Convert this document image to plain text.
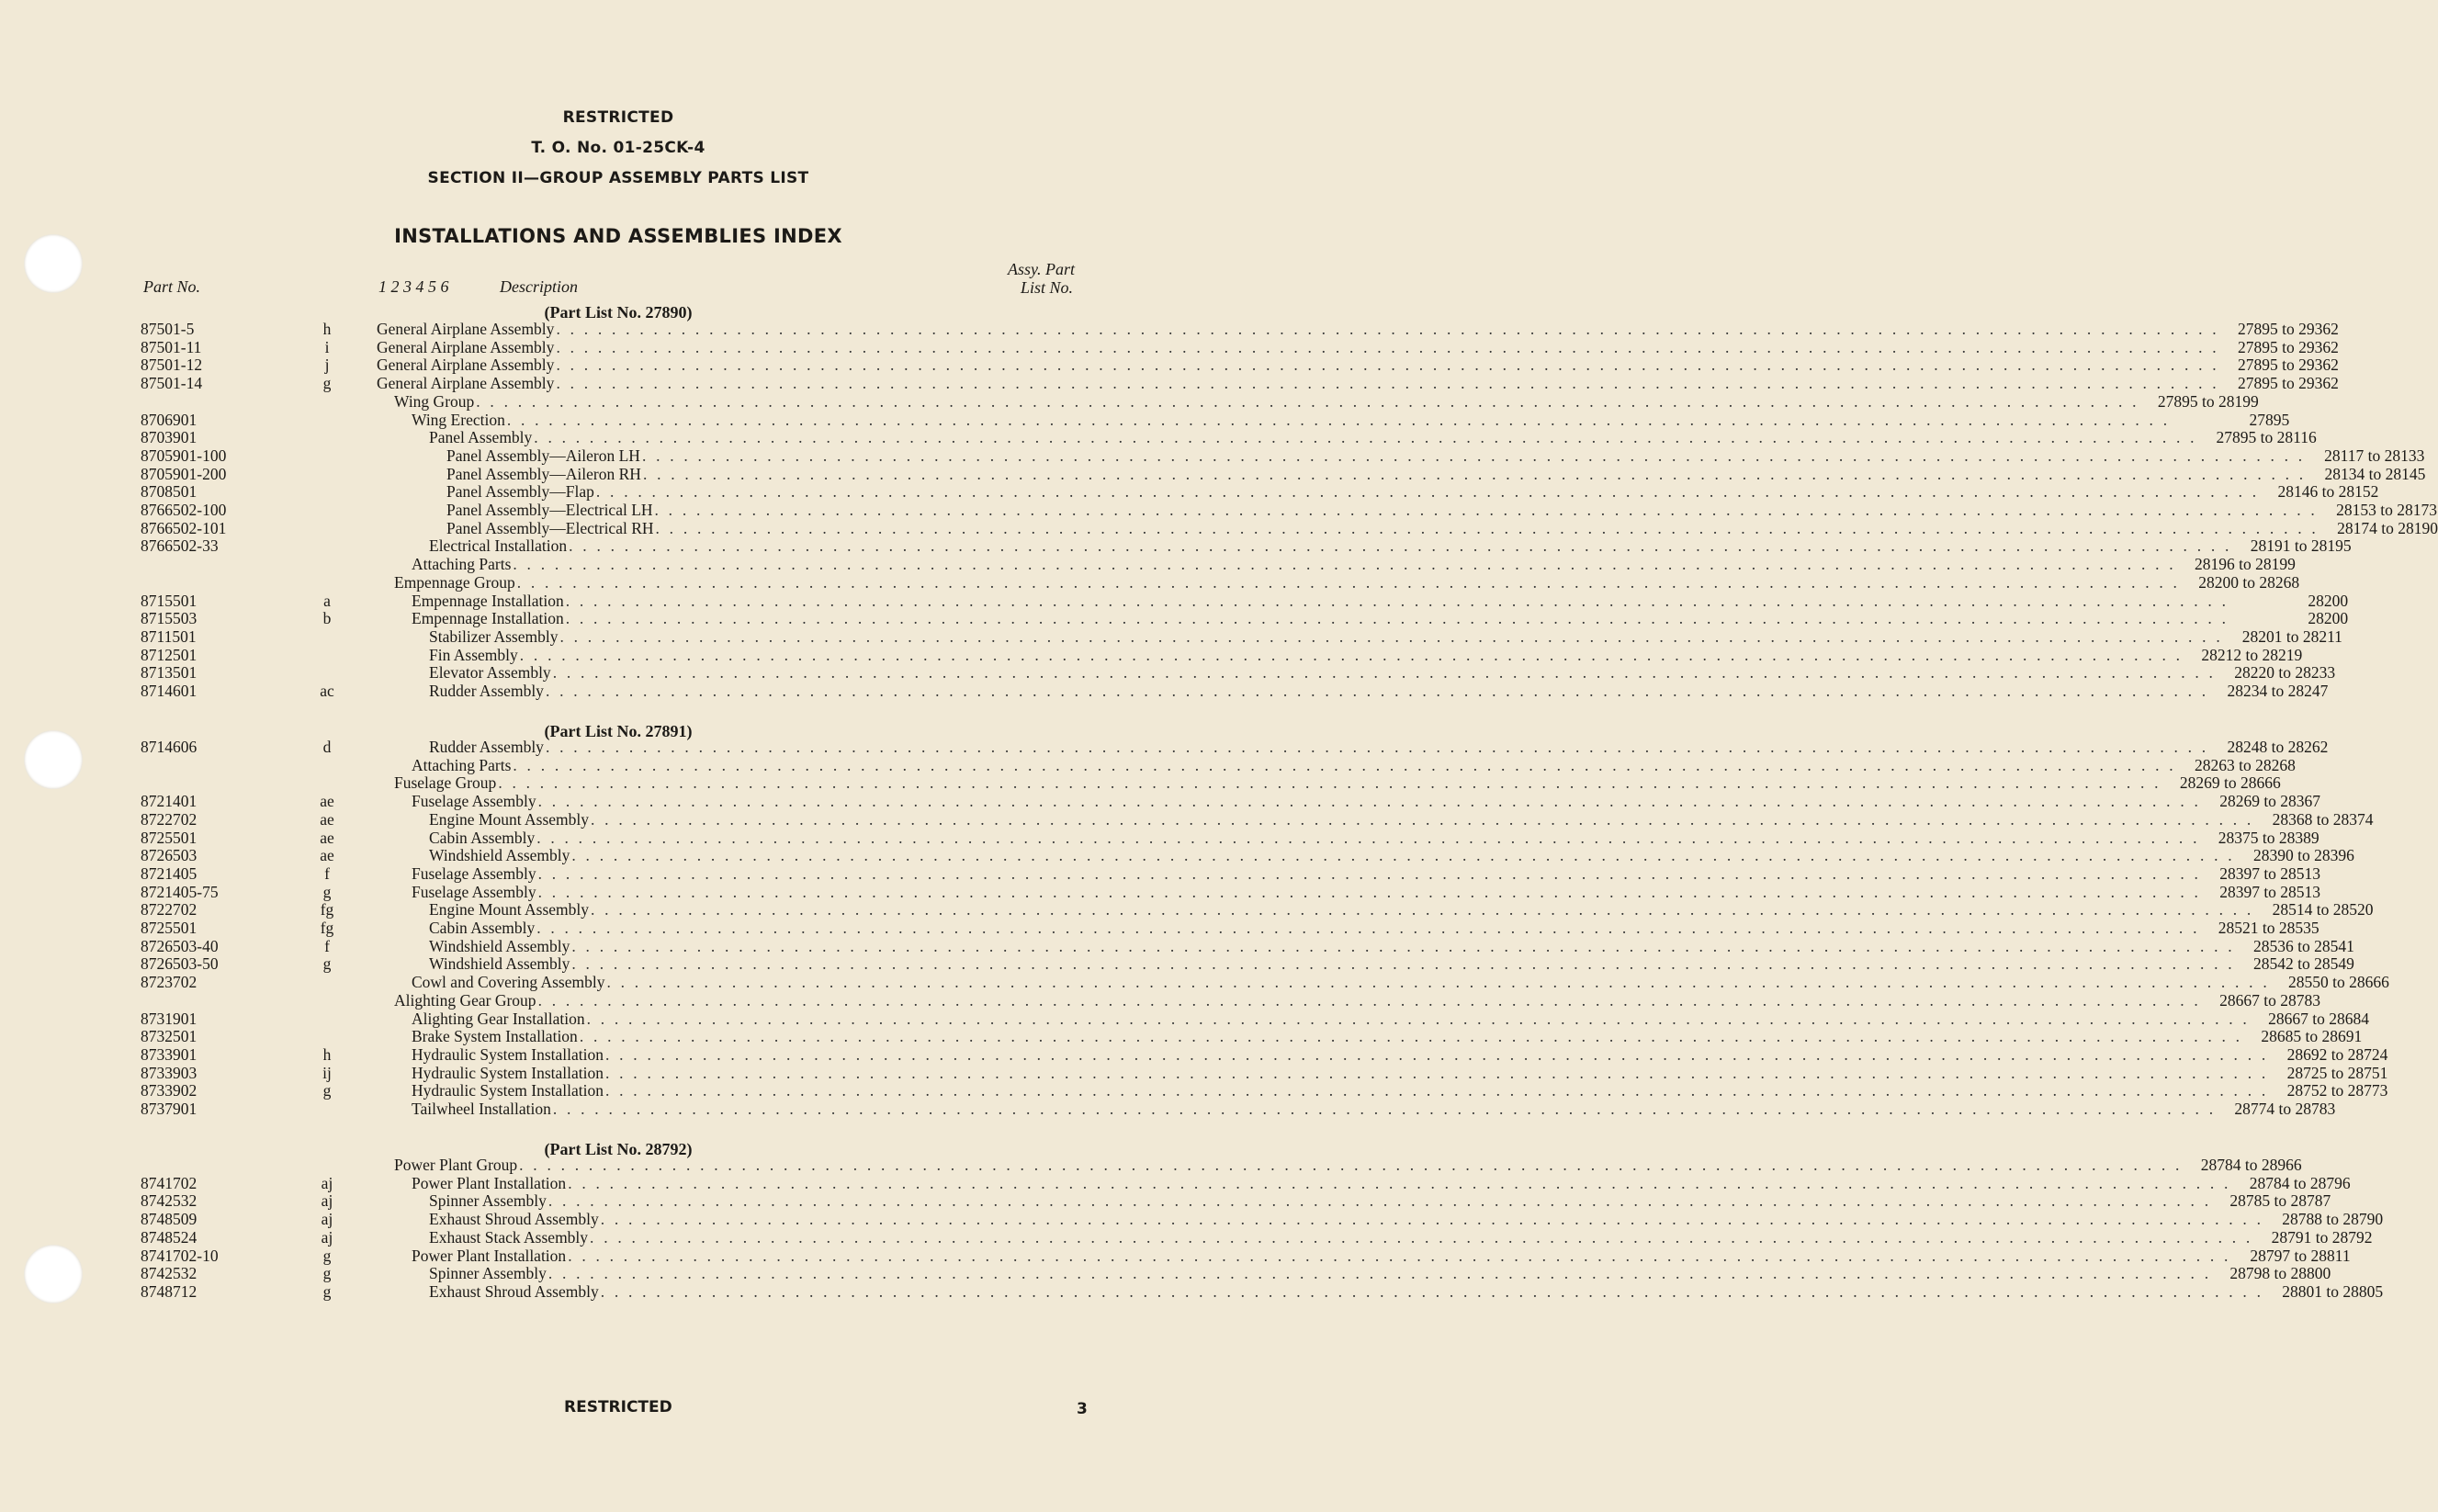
RESTRICTED
T. O. No. 01-25CK-4
SECTION II—GROUP ASSEMBLY PARTS LIST
INSTALLATIONS AND ASSEMBLIES INDEX
Part No.	1 2 3 4 5 6	Description
Assy. Part
List No.
(Part List No. 27890)
87501-5	h	General Airplane Assembly . . . . . . . . . . . . . . . . . . . . . . . . . . . . . . . . . . . . . . . . . . . . . . . . . . . . . . . . . . . . . . . . . . . . . . . . . . . . . . . . . . . . . . . . . . . . . . . . . . . . . . . . . . . . . . . . . . . . . . . .	27895 to 29362
87501-11	i	General Airplane Assembly . . . . . . . . . . . . . . . . . . . . . . . . . . . . . . . . . . . . . . . . . . . . . . . . . . . . . . . . . . . . . . . . . . . . . . . . . . . . . . . . . . . . . . . . . . . . . . . . . . . . . . . . . . . . . . . . . . . . . . . .	27895 to 29362
87501-12	j	General Airplane Assembly . . . . . . . . . . . . . . . . . . . . . . . . . . . . . . . . . . . . . . . . . . . . . . . . . . . . . . . . . . . . . . . . . . . . . . . . . . . . . . . . . . . . . . . . . . . . . . . . . . . . . . . . . . . . . . . . . . . . . . . .	27895 to 29362
87501-14	g	General Airplane Assembly . . . . . . . . . . . . . . . . . . . . . . . . . . . . . . . . . . . . . . . . . . . . . . . . . . . . . . . . . . . . . . . . . . . . . . . . . . . . . . . . . . . . . . . . . . . . . . . . . . . . . . . . . . . . . . . . . . . . . . . .	27895 to 29362
Wing Group . . . . . . . . . . . . . . . . . . . . . . . . . . . . . . . . . . . . . . . . . . . . . . . . . . . . . . . . . . . . . . . . . . . . . . . . . . . . . . . . . . . . . . . . . . . . . . . . . . . . . . . . . . . . . . . . . . . . . . . .	27895 to 28199
8706901	Wing Erection . . . . . . . . . . . . . . . . . . . . . . . . . . . . . . . . . . . . . . . . . . . . . . . . . . . . . . . . . . . . . . . . . . . . . . . . . . . . . . . . . . . . . . . . . . . . . . . . . . . . . . . . . . . . . . . . . . . . . . . .	27895
8703901	Panel Assembly . . . . . . . . . . . . . . . . . . . . . . . . . . . . . . . . . . . . . . . . . . . . . . . . . . . . . . . . . . . . . . . . . . . . . . . . . . . . . . . . . . . . . . . . . . . . . . . . . . . . . . . . . . . . . . . . . . . . . . . .	27895 to 28116
8705901-100	Panel Assembly—Aileron LH . . . . . . . . . . . . . . . . . . . . . . . . . . . . . . . . . . . . . . . . . . . . . . . . . . . . . . . . . . . . . . . . . . . . . . . . . . . . . . . . . . . . . . . . . . . . . . . . . . . . . . . . . . . . . . . . . . . . . . . .	28117 to 28133
8705901-200	Panel Assembly—Aileron RH . . . . . . . . . . . . . . . . . . . . . . . . . . . . . . . . . . . . . . . . . . . . . . . . . . . . . . . . . . . . . . . . . . . . . . . . . . . . . . . . . . . . . . . . . . . . . . . . . . . . . . . . . . . . . . . . . . . . . . . .	28134 to 28145
8708501	Panel Assembly—Flap . . . . . . . . . . . . . . . . . . . . . . . . . . . . . . . . . . . . . . . . . . . . . . . . . . . . . . . . . . . . . . . . . . . . . . . . . . . . . . . . . . . . . . . . . . . . . . . . . . . . . . . . . . . . . . . . . . . . . . . .	28146 to 28152
8766502-100	Panel Assembly—Electrical LH . . . . . . . . . . . . . . . . . . . . . . . . . . . . . . . . . . . . . . . . . . . . . . . . . . . . . . . . . . . . . . . . . . . . . . . . . . . . . . . . . . . . . . . . . . . . . . . . . . . . . . . . . . . . . . . . . . . . . . . .	28153 to 28173
8766502-101	Panel Assembly—Electrical RH . . . . . . . . . . . . . . . . . . . . . . . . . . . . . . . . . . . . . . . . . . . . . . . . . . . . . . . . . . . . . . . . . . . . . . . . . . . . . . . . . . . . . . . . . . . . . . . . . . . . . . . . . . . . . . . . . . . . . . . .	28174 to 28190
8766502-33	Electrical Installation . . . . . . . . . . . . . . . . . . . . . . . . . . . . . . . . . . . . . . . . . . . . . . . . . . . . . . . . . . . . . . . . . . . . . . . . . . . . . . . . . . . . . . . . . . . . . . . . . . . . . . . . . . . . . . . . . . . . . . . .	28191 to 28195
Attaching Parts . . . . . . . . . . . . . . . . . . . . . . . . . . . . . . . . . . . . . . . . . . . . . . . . . . . . . . . . . . . . . . . . . . . . . . . . . . . . . . . . . . . . . . . . . . . . . . . . . . . . . . . . . . . . . . . . . . . . . . . .	28196 to 28199
Empennage Group . . . . . . . . . . . . . . . . . . . . . . . . . . . . . . . . . . . . . . . . . . . . . . . . . . . . . . . . . . . . . . . . . . . . . . . . . . . . . . . . . . . . . . . . . . . . . . . . . . . . . . . . . . . . . . . . . . . . . . . .	28200 to 28268
8715501	a	Empennage Installation . . . . . . . . . . . . . . . . . . . . . . . . . . . . . . . . . . . . . . . . . . . . . . . . . . . . . . . . . . . . . . . . . . . . . . . . . . . . . . . . . . . . . . . . . . . . . . . . . . . . . . . . . . . . . . . . . . . . . . . .	28200
8715503	b	Empennage Installation . . . . . . . . . . . . . . . . . . . . . . . . . . . . . . . . . . . . . . . . . . . . . . . . . . . . . . . . . . . . . . . . . . . . . . . . . . . . . . . . . . . . . . . . . . . . . . . . . . . . . . . . . . . . . . . . . . . . . . . .	28200
8711501	Stabilizer Assembly . . . . . . . . . . . . . . . . . . . . . . . . . . . . . . . . . . . . . . . . . . . . . . . . . . . . . . . . . . . . . . . . . . . . . . . . . . . . . . . . . . . . . . . . . . . . . . . . . . . . . . . . . . . . . . . . . . . . . . . .	28201 to 28211
8712501	Fin Assembly . . . . . . . . . . . . . . . . . . . . . . . . . . . . . . . . . . . . . . . . . . . . . . . . . . . . . . . . . . . . . . . . . . . . . . . . . . . . . . . . . . . . . . . . . . . . . . . . . . . . . . . . . . . . . . . . . . . . . . . .	28212 to 28219
8713501	Elevator Assembly . . . . . . . . . . . . . . . . . . . . . . . . . . . . . . . . . . . . . . . . . . . . . . . . . . . . . . . . . . . . . . . . . . . . . . . . . . . . . . . . . . . . . . . . . . . . . . . . . . . . . . . . . . . . . . . . . . . . . . . .	28220 to 28233
8714601	ac	Rudder Assembly . . . . . . . . . . . . . . . . . . . . . . . . . . . . . . . . . . . . . . . . . . . . . . . . . . . . . . . . . . . . . . . . . . . . . . . . . . . . . . . . . . . . . . . . . . . . . . . . . . . . . . . . . . . . . . . . . . . . . . . .	28234 to 28247
(Part List No. 27891)
8714606	d	Rudder Assembly . . . . . . . . . . . . . . . . . . . . . . . . . . . . . . . . . . . . . . . . . . . . . . . . . . . . . . . . . . . . . . . . . . . . . . . . . . . . . . . . . . . . . . . . . . . . . . . . . . . . . . . . . . . . . . . . . . . . . . . .	28248 to 28262
Attaching Parts . . . . . . . . . . . . . . . . . . . . . . . . . . . . . . . . . . . . . . . . . . . . . . . . . . . . . . . . . . . . . . . . . . . . . . . . . . . . . . . . . . . . . . . . . . . . . . . . . . . . . . . . . . . . . . . . . . . . . . . .	28263 to 28268
Fuselage Group . . . . . . . . . . . . . . . . . . . . . . . . . . . . . . . . . . . . . . . . . . . . . . . . . . . . . . . . . . . . . . . . . . . . . . . . . . . . . . . . . . . . . . . . . . . . . . . . . . . . . . . . . . . . . . . . . . . . . . . .	28269 to 28666
8721401	ae	Fuselage Assembly . . . . . . . . . . . . . . . . . . . . . . . . . . . . . . . . . . . . . . . . . . . . . . . . . . . . . . . . . . . . . . . . . . . . . . . . . . . . . . . . . . . . . . . . . . . . . . . . . . . . . . . . . . . . . . . . . . . . . . . .	28269 to 28367
8722702	ae	Engine Mount Assembly . . . . . . . . . . . . . . . . . . . . . . . . . . . . . . . . . . . . . . . . . . . . . . . . . . . . . . . . . . . . . . . . . . . . . . . . . . . . . . . . . . . . . . . . . . . . . . . . . . . . . . . . . . . . . . . . . . . . . . . .	28368 to 28374
8725501	ae	Cabin Assembly . . . . . . . . . . . . . . . . . . . . . . . . . . . . . . . . . . . . . . . . . . . . . . . . . . . . . . . . . . . . . . . . . . . . . . . . . . . . . . . . . . . . . . . . . . . . . . . . . . . . . . . . . . . . . . . . . . . . . . . .	28375 to 28389
8726503	ae	Windshield Assembly . . . . . . . . . . . . . . . . . . . . . . . . . . . . . . . . . . . . . . . . . . . . . . . . . . . . . . . . . . . . . . . . . . . . . . . . . . . . . . . . . . . . . . . . . . . . . . . . . . . . . . . . . . . . . . . . . . . . . . . .	28390 to 28396
8721405	f	Fuselage Assembly . . . . . . . . . . . . . . . . . . . . . . . . . . . . . . . . . . . . . . . . . . . . . . . . . . . . . . . . . . . . . . . . . . . . . . . . . . . . . . . . . . . . . . . . . . . . . . . . . . . . . . . . . . . . . . . . . . . . . . . .	28397 to 28513
8721405-75	g	Fuselage Assembly . . . . . . . . . . . . . . . . . . . . . . . . . . . . . . . . . . . . . . . . . . . . . . . . . . . . . . . . . . . . . . . . . . . . . . . . . . . . . . . . . . . . . . . . . . . . . . . . . . . . . . . . . . . . . . . . . . . . . . . .	28397 to 28513
8722702	fg	Engine Mount Assembly . . . . . . . . . . . . . . . . . . . . . . . . . . . . . . . . . . . . . . . . . . . . . . . . . . . . . . . . . . . . . . . . . . . . . . . . . . . . . . . . . . . . . . . . . . . . . . . . . . . . . . . . . . . . . . . . . . . . . . . .	28514 to 28520
8725501	fg	Cabin Assembly . . . . . . . . . . . . . . . . . . . . . . . . . . . . . . . . . . . . . . . . . . . . . . . . . . . . . . . . . . . . . . . . . . . . . . . . . . . . . . . . . . . . . . . . . . . . . . . . . . . . . . . . . . . . . . . . . . . . . . . .	28521 to 28535
8726503-40	f	Windshield Assembly . . . . . . . . . . . . . . . . . . . . . . . . . . . . . . . . . . . . . . . . . . . . . . . . . . . . . . . . . . . . . . . . . . . . . . . . . . . . . . . . . . . . . . . . . . . . . . . . . . . . . . . . . . . . . . . . . . . . . . . .	28536 to 28541
8726503-50	g	Windshield Assembly . . . . . . . . . . . . . . . . . . . . . . . . . . . . . . . . . . . . . . . . . . . . . . . . . . . . . . . . . . . . . . . . . . . . . . . . . . . . . . . . . . . . . . . . . . . . . . . . . . . . . . . . . . . . . . . . . . . . . . . .	28542 to 28549
8723702	Cowl and Covering Assembly . . . . . . . . . . . . . . . . . . . . . . . . . . . . . . . . . . . . . . . . . . . . . . . . . . . . . . . . . . . . . . . . . . . . . . . . . . . . . . . . . . . . . . . . . . . . . . . . . . . . . . . . . . . . . . . . . . . . . . . .	28550 to 28666
Alighting Gear Group . . . . . . . . . . . . . . . . . . . . . . . . . . . . . . . . . . . . . . . . . . . . . . . . . . . . . . . . . . . . . . . . . . . . . . . . . . . . . . . . . . . . . . . . . . . . . . . . . . . . . . . . . . . . . . . . . . . . . . . .	28667 to 28783
8731901	Alighting Gear Installation . . . . . . . . . . . . . . . . . . . . . . . . . . . . . . . . . . . . . . . . . . . . . . . . . . . . . . . . . . . . . . . . . . . . . . . . . . . . . . . . . . . . . . . . . . . . . . . . . . . . . . . . . . . . . . . . . . . . . . . .	28667 to 28684
8732501	Brake System Installation . . . . . . . . . . . . . . . . . . . . . . . . . . . . . . . . . . . . . . . . . . . . . . . . . . . . . . . . . . . . . . . . . . . . . . . . . . . . . . . . . . . . . . . . . . . . . . . . . . . . . . . . . . . . . . . . . . . . . . . .	28685 to 28691
8733901	h	Hydraulic System Installation . . . . . . . . . . . . . . . . . . . . . . . . . . . . . . . . . . . . . . . . . . . . . . . . . . . . . . . . . . . . . . . . . . . . . . . . . . . . . . . . . . . . . . . . . . . . . . . . . . . . . . . . . . . . . . . . . . . . . . . .	28692 to 28724
8733903	ij	Hydraulic System Installation . . . . . . . . . . . . . . . . . . . . . . . . . . . . . . . . . . . . . . . . . . . . . . . . . . . . . . . . . . . . . . . . . . . . . . . . . . . . . . . . . . . . . . . . . . . . . . . . . . . . . . . . . . . . . . . . . . . . . . . .	28725 to 28751
8733902	g	Hydraulic System Installation . . . . . . . . . . . . . . . . . . . . . . . . . . . . . . . . . . . . . . . . . . . . . . . . . . . . . . . . . . . . . . . . . . . . . . . . . . . . . . . . . . . . . . . . . . . . . . . . . . . . . . . . . . . . . . . . . . . . . . . .	28752 to 28773
8737901	Tailwheel Installation . . . . . . . . . . . . . . . . . . . . . . . . . . . . . . . . . . . . . . . . . . . . . . . . . . . . . . . . . . . . . . . . . . . . . . . . . . . . . . . . . . . . . . . . . . . . . . . . . . . . . . . . . . . . . . . . . . . . . . . .	28774 to 28783
(Part List No. 28792)
Power Plant Group . . . . . . . . . . . . . . . . . . . . . . . . . . . . . . . . . . . . . . . . . . . . . . . . . . . . . . . . . . . . . . . . . . . . . . . . . . . . . . . . . . . . . . . . . . . . . . . . . . . . . . . . . . . . . . . . . . . . . . . .	28784 to 28966
8741702	aj	Power Plant Installation . . . . . . . . . . . . . . . . . . . . . . . . . . . . . . . . . . . . . . . . . . . . . . . . . . . . . . . . . . . . . . . . . . . . . . . . . . . . . . . . . . . . . . . . . . . . . . . . . . . . . . . . . . . . . . . . . . . . . . . .	28784 to 28796
8742532	aj	Spinner Assembly . . . . . . . . . . . . . . . . . . . . . . . . . . . . . . . . . . . . . . . . . . . . . . . . . . . . . . . . . . . . . . . . . . . . . . . . . . . . . . . . . . . . . . . . . . . . . . . . . . . . . . . . . . . . . . . . . . . . . . . .	28785 to 28787
8748509	aj	Exhaust Shroud Assembly . . . . . . . . . . . . . . . . . . . . . . . . . . . . . . . . . . . . . . . . . . . . . . . . . . . . . . . . . . . . . . . . . . . . . . . . . . . . . . . . . . . . . . . . . . . . . . . . . . . . . . . . . . . . . . . . . . . . . . . .	28788 to 28790
8748524	aj	Exhaust Stack Assembly . . . . . . . . . . . . . . . . . . . . . . . . . . . . . . . . . . . . . . . . . . . . . . . . . . . . . . . . . . . . . . . . . . . . . . . . . . . . . . . . . . . . . . . . . . . . . . . . . . . . . . . . . . . . . . . . . . . . . . . .	28791 to 28792
8741702-10	g	Power Plant Installation . . . . . . . . . . . . . . . . . . . . . . . . . . . . . . . . . . . . . . . . . . . . . . . . . . . . . . . . . . . . . . . . . . . . . . . . . . . . . . . . . . . . . . . . . . . . . . . . . . . . . . . . . . . . . . . . . . . . . . . .	28797 to 28811
8742532	g	Spinner Assembly . . . . . . . . . . . . . . . . . . . . . . . . . . . . . . . . . . . . . . . . . . . . . . . . . . . . . . . . . . . . . . . . . . . . . . . . . . . . . . . . . . . . . . . . . . . . . . . . . . . . . . . . . . . . . . . . . . . . . . . .	28798 to 28800
8748712	g	Exhaust Shroud Assembly . . . . . . . . . . . . . . . . . . . . . . . . . . . . . . . . . . . . . . . . . . . . . . . . . . . . . . . . . . . . . . . . . . . . . . . . . . . . . . . . . . . . . . . . . . . . . . . . . . . . . . . . . . . . . . . . . . . . . . . .	28801 to 28805
RESTRICTED	3
